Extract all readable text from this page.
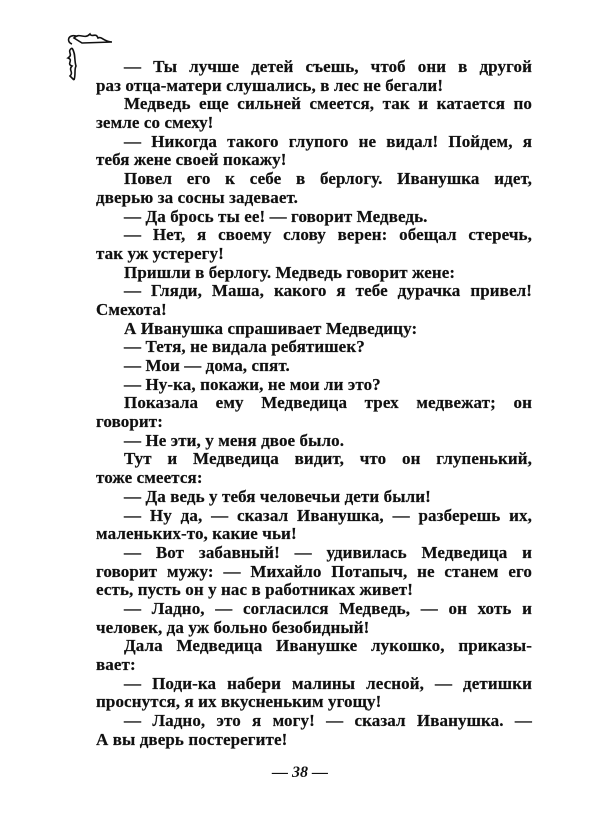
— Ты лучше детей съешь, чтоб они в другой
раз отца-матери слушались, в лес не бегали!
Медведь еще сильней смеется, так и катается по
земле со смеху!
— Никогда такого глупого не видал! Пойдем, я
тебя жене своей покажу!
Повел его к себе в берлогу. Иванушка идет,
дверью за сосны задевает.
— Да брось ты ее! — говорит Медведь.
— Нет, я своему слову верен: обещал стеречь,
так уж устерегу!
Пришли в берлогу. Медведь говорит жене:
— Гляди, Маша, какого я тебе дурачка привел!
Смехота!
А Иванушка спрашивает Медведицу:
— Тетя, не видала ребятишек?
— Мои — дома, спят.
— Ну-ка, покажи, не мои ли это?
Показала ему Медведица трех медвежат; он
говорит:
— Не эти, у меня двое было.
Тут и Медведица видит, что он глупенький,
тоже смеется:
— Да ведь у тебя человечьи дети были!
— Ну да, — сказал Иванушка, — разберешь их,
маленьких-то, какие чьи!
— Вот забавный! — удивилась Медведица и
говорит мужу: — Михайло Потапыч, не станем его
есть, пусть он у нас в работниках живет!
— Ладно, — согласился Медведь, — он хоть и
человек, да уж больно безобидный!
Дала Медведица Иванушке лукошко, приказы-
вает:
— Поди-ка набери малины лесной, — детишки
проснутся, я их вкусненьким угощу!
— Ладно, это я могу! — сказал Иванушка. —
А вы дверь постерегите!
— 38 —
